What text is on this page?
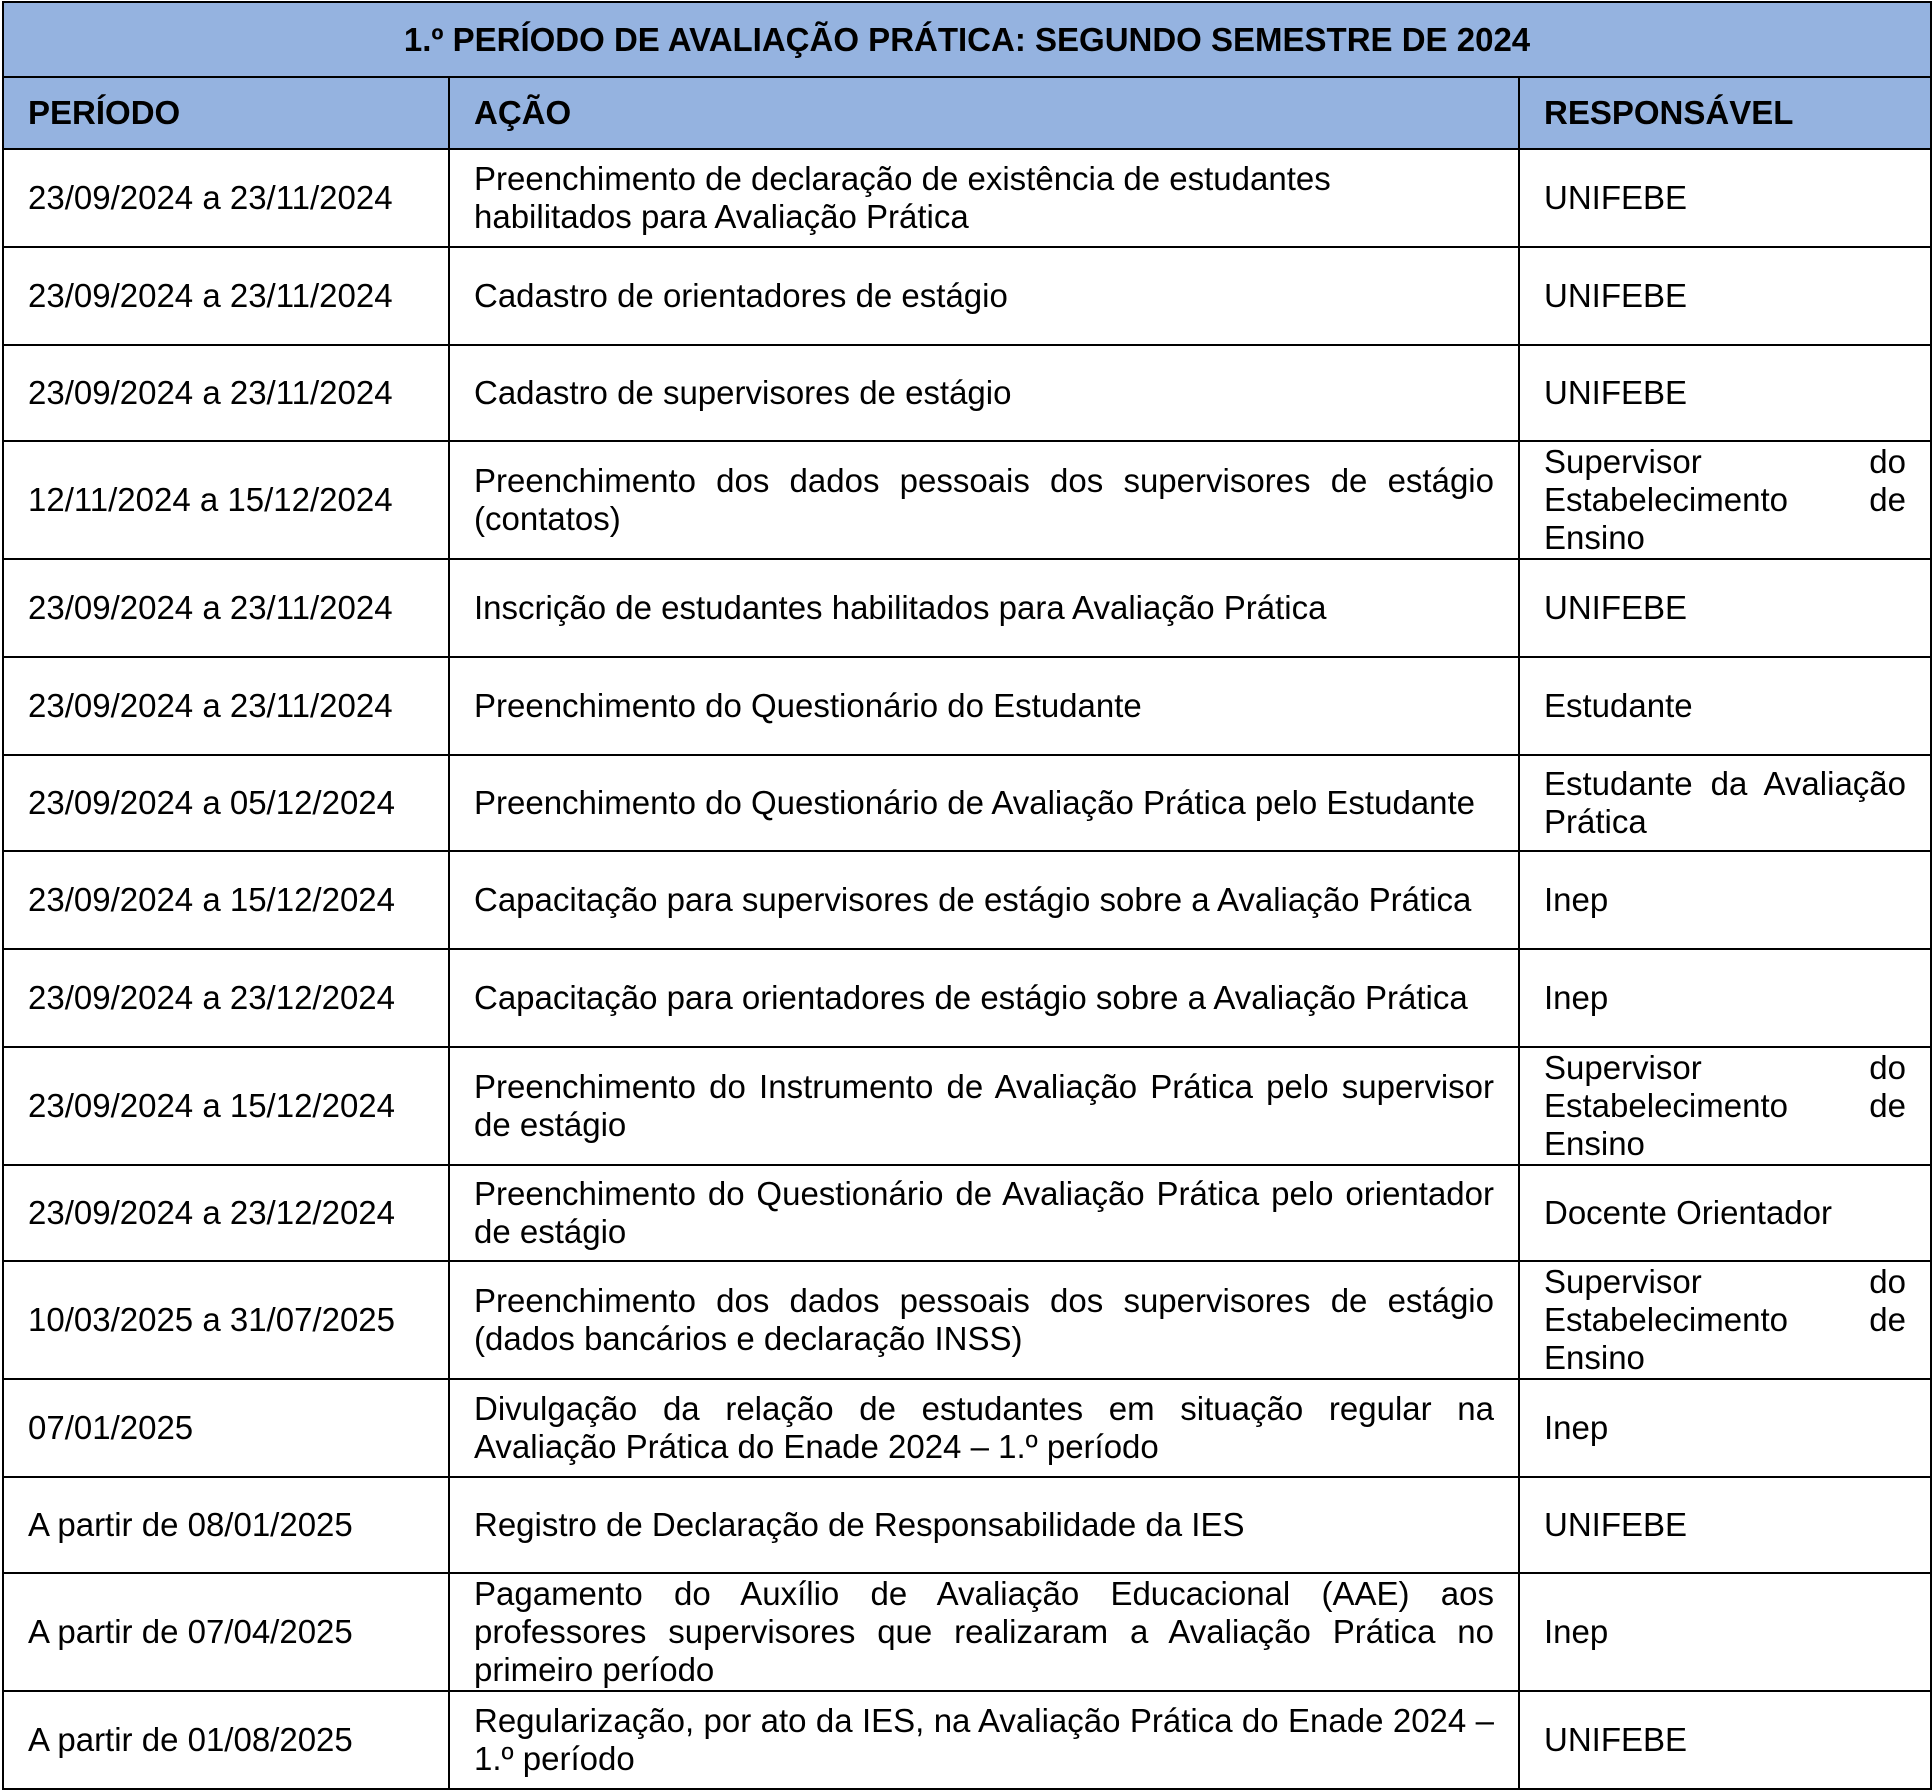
1.º PERÍODO DE AVALIAÇÃO PRÁTICA: SEGUNDO SEMESTRE DE 2024		
PERÍODO	AÇÃO	RESPONSÁVEL
23/09/2024 a 23/11/2024	Preenchimento de declaração de existência de estudantes habilitados para Avaliação Prática	UNIFEBE
23/09/2024 a 23/11/2024	Cadastro de orientadores de estágio	UNIFEBE
23/09/2024 a 23/11/2024	Cadastro de supervisores de estágio	UNIFEBE
12/11/2024 a 15/12/2024	Preenchimento dos dados pessoais dos supervisores de estágio (contatos)	Supervisor do Estabelecimento de Ensino
23/09/2024 a 23/11/2024	Inscrição de estudantes habilitados para Avaliação Prática	UNIFEBE
23/09/2024 a 23/11/2024	Preenchimento do Questionário do Estudante	Estudante
23/09/2024 a 05/12/2024	Preenchimento do Questionário de Avaliação Prática pelo Estudante	Estudante da Avaliação Prática
23/09/2024 a 15/12/2024	Capacitação para supervisores de estágio sobre a Avaliação Prática	Inep
23/09/2024 a 23/12/2024	Capacitação para orientadores de estágio sobre a Avaliação Prática	Inep
23/09/2024 a 15/12/2024	Preenchimento do Instrumento de Avaliação Prática pelo supervisor de estágio	Supervisor do Estabelecimento de Ensino
23/09/2024 a 23/12/2024	Preenchimento do Questionário de Avaliação Prática pelo orientador de estágio	Docente Orientador
10/03/2025 a 31/07/2025	Preenchimento dos dados pessoais dos supervisores de estágio (dados bancários e declaração INSS)	Supervisor do Estabelecimento de Ensino
07/01/2025	Divulgação da relação de estudantes em situação regular na Avaliação Prática do Enade 2024 – 1.º período	Inep
A partir de 08/01/2025	Registro de Declaração de Responsabilidade da IES	UNIFEBE
A partir de 07/04/2025	Pagamento do Auxílio de Avaliação Educacional (AAE) aos professores supervisores que realizaram a Avaliação Prática no primeiro período	Inep
A partir de 01/08/2025	Regularização, por ato da IES, na Avaliação Prática do Enade 2024 – 1.º período	UNIFEBE
